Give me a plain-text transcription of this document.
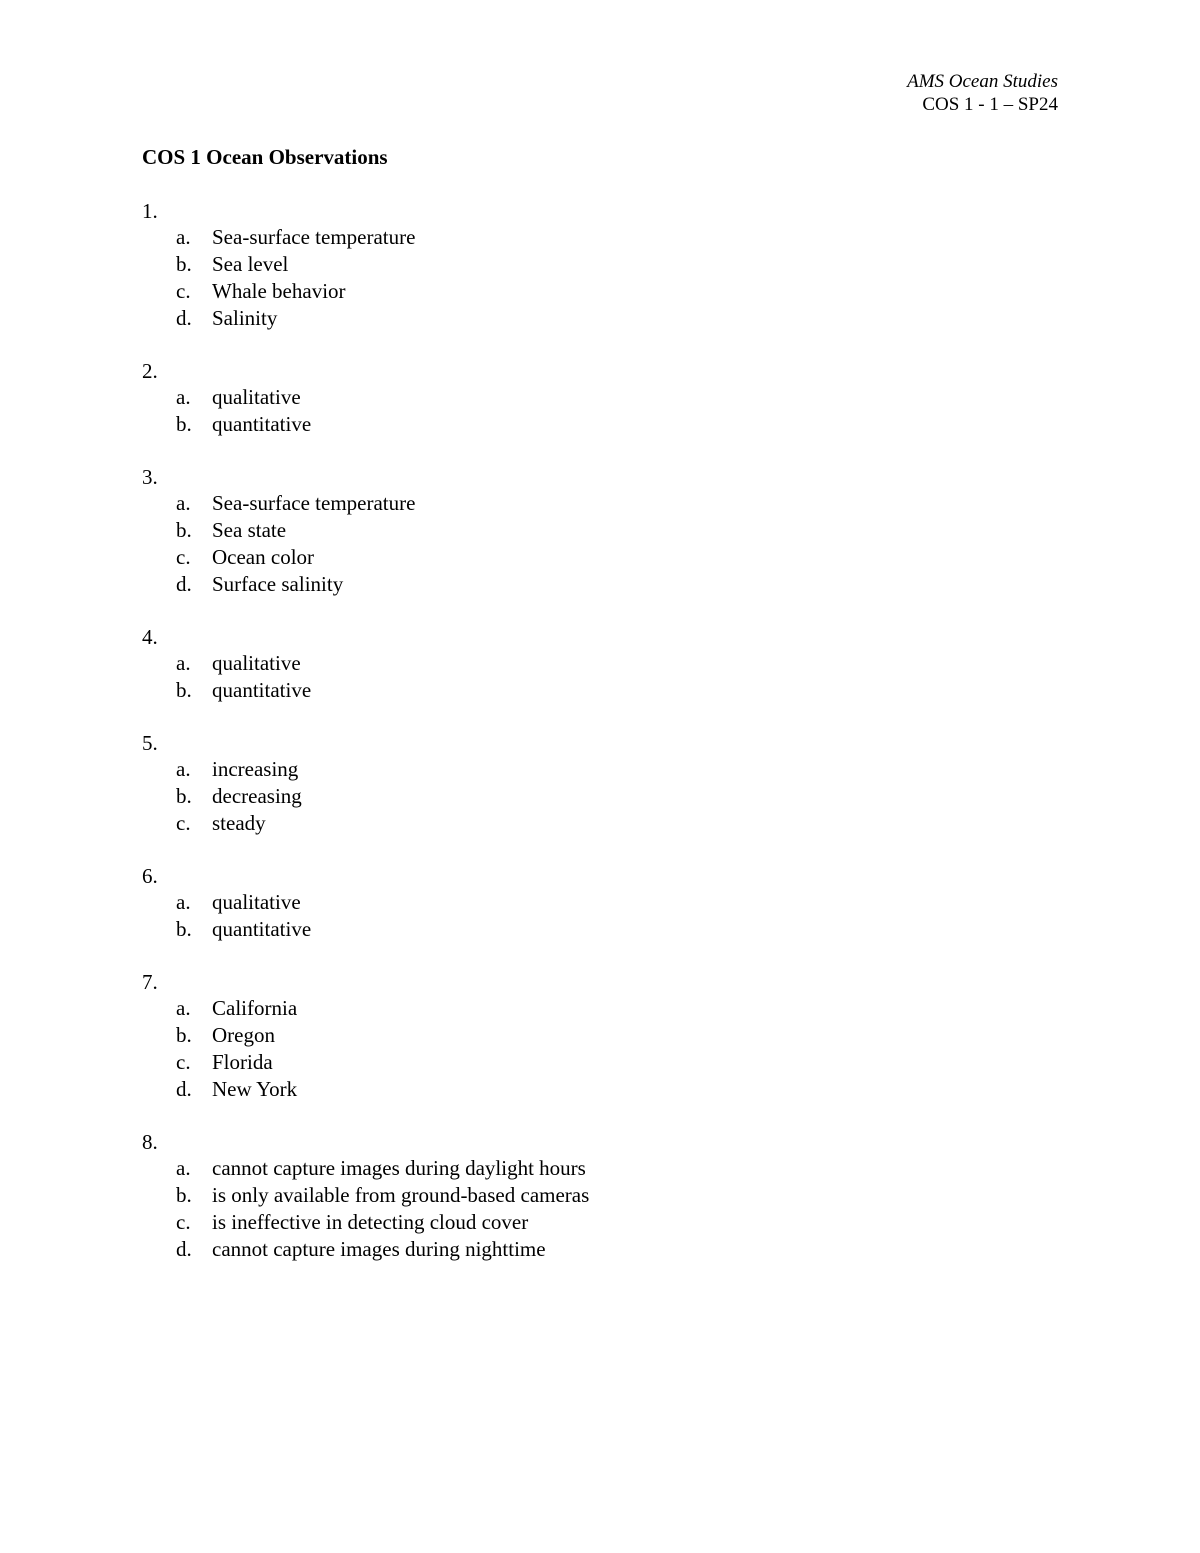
AMS Ocean Studies
COS 1 - 1 – SP24
COS 1 Ocean Observations
1.
a. Sea-surface temperature
b. Sea level
c. Whale behavior
d. Salinity
2.
a. qualitative
b. quantitative
3.
a. Sea-surface temperature
b. Sea state
c. Ocean color
d. Surface salinity
4.
a. qualitative
b. quantitative
5.
a. increasing
b. decreasing
c. steady
6.
a. qualitative
b. quantitative
7.
a. California
b. Oregon
c. Florida
d. New York
8.
a. cannot capture images during daylight hours
b. is only available from ground-based cameras
c. is ineffective in detecting cloud cover
d. cannot capture images during nighttime
